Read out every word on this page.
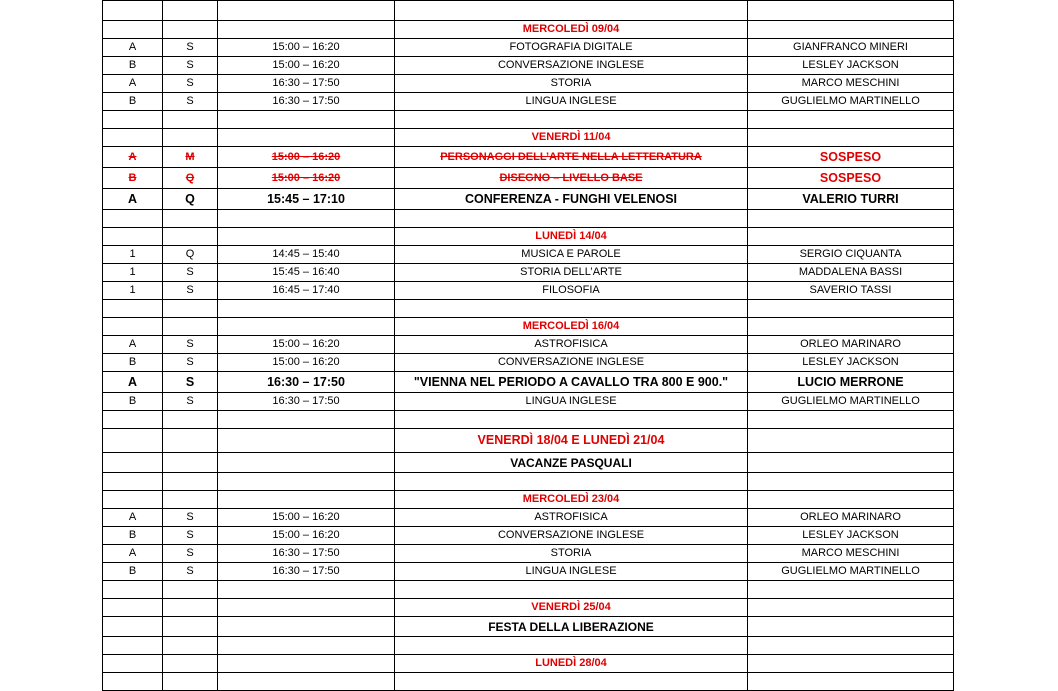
			MERCOLEDÌ 09/04	
A	S	15:00 – 16:20	FOTOGRAFIA DIGITALE	GIANFRANCO MINERI
B	S	15:00 – 16:20	CONVERSAZIONE INGLESE	LESLEY JACKSON
A	S	16:30 – 17:50	STORIA	MARCO MESCHINI
B	S	16:30 – 17:50	LINGUA INGLESE	GUGLIELMO MARTINELLO

			VENERDÌ 11/04	
A	M	15:00 – 16:20	PERSONAGGI DELL’ARTE NELLA LETTERATURA	SOSPESO
B	Q	15:00 – 16:20	DISEGNO – LIVELLO BASE	SOSPESO
A	Q	15:45 – 17:10	CONFERENZA - FUNGHI VELENOSI	VALERIO TURRI

			LUNEDÌ 14/04	
1	Q	14:45 – 15:40	MUSICA E PAROLE	SERGIO CIQUANTA
1	S	15:45 – 16:40	STORIA DELL’ARTE	MADDALENA BASSI
1	S	16:45 – 17:40	FILOSOFIA	SAVERIO TASSI

			MERCOLEDÌ 16/04	
A	S	15:00 – 16:20	ASTROFISICA	ORLEO MARINARO
B	S	15:00 – 16:20	CONVERSAZIONE INGLESE	LESLEY JACKSON
A	S	16:30 – 17:50	"VIENNA NEL PERIODO A CAVALLO TRA 800 E 900."	LUCIO MERRONE
B	S	16:30 – 17:50	LINGUA INGLESE	GUGLIELMO MARTINELLO

			VENERDÌ 18/04 E LUNEDÌ 21/04	
			VACANZE PASQUALI	

			MERCOLEDÌ 23/04	
A	S	15:00 – 16:20	ASTROFISICA	ORLEO MARINARO
B	S	15:00 – 16:20	CONVERSAZIONE INGLESE	LESLEY JACKSON
A	S	16:30 – 17:50	STORIA	MARCO MESCHINI
B	S	16:30 – 17:50	LINGUA INGLESE	GUGLIELMO MARTINELLO

			VENERDÌ 25/04	
			FESTA DELLA LIBERAZIONE	

			LUNEDÌ 28/04	
